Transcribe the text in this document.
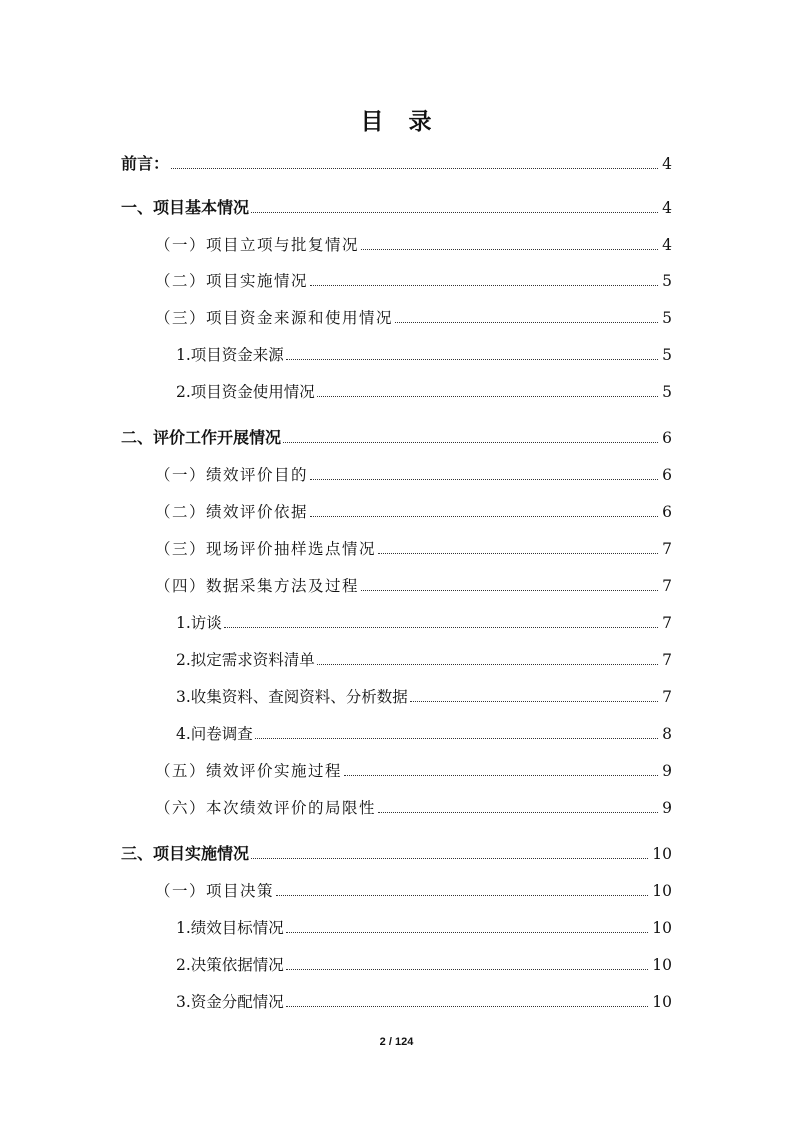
目　录
前言：	4
一、项目基本情况	4
（一）项目立项与批复情况	4
（二）项目实施情况	5
（三）项目资金来源和使用情况	5
1.项目资金来源	5
2.项目资金使用情况	5
二、评价工作开展情况	6
（一）绩效评价目的	6
（二）绩效评价依据	6
（三）现场评价抽样选点情况	7
（四）数据采集方法及过程	7
1.访谈	7
2.拟定需求资料清单	7
3.收集资料、查阅资料、分析数据	7
4.问卷调查	8
（五）绩效评价实施过程	9
（六）本次绩效评价的局限性	9
三、项目实施情况	10
（一）项目决策	10
1.绩效目标情况	10
2.决策依据情况	10
3.资金分配情况	10
2 / 124
